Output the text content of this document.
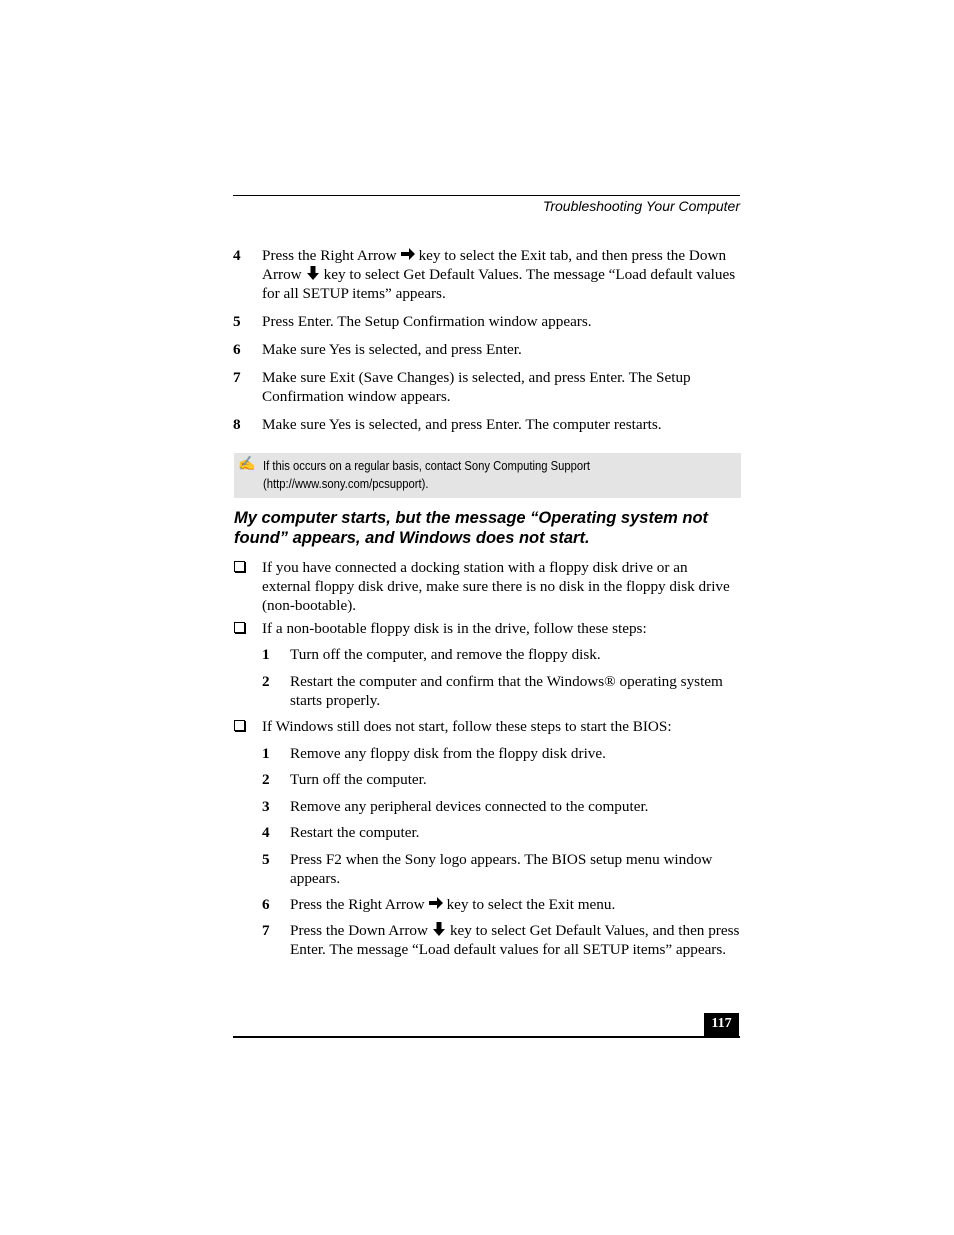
Troubleshooting Your Computer
4 Press the Right Arrow key to select the Exit tab, and then press the Down Arrow key to select Get Default Values. The message “Load default values for all SETUP items” appears.
5 Press Enter. The Setup Confirmation window appears.
6 Make sure Yes is selected, and press Enter.
7 Make sure Exit (Save Changes) is selected, and press Enter. The Setup Confirmation window appears.
8 Make sure Yes is selected, and press Enter. The computer restarts.
✍ If this occurs on a regular basis, contact Sony Computing Support
(http://www.sony.com/pcsupport).
My computer starts, but the message “Operating system not found” appears, and Windows does not start.
If you have connected a docking station with a floppy disk drive or an external floppy disk drive, make sure there is no disk in the floppy disk drive (non-bootable).
If a non-bootable floppy disk is in the drive, follow these steps:
1 Turn off the computer, and remove the floppy disk.
2 Restart the computer and confirm that the Windows® operating system starts properly.
If Windows still does not start, follow these steps to start the BIOS:
1 Remove any floppy disk from the floppy disk drive.
2 Turn off the computer.
3 Remove any peripheral devices connected to the computer.
4 Restart the computer.
5 Press F2 when the Sony logo appears. The BIOS setup menu window appears.
6 Press the Right Arrow key to select the Exit menu.
7 Press the Down Arrow key to select Get Default Values, and then press Enter. The message “Load default values for all SETUP items” appears.
117
